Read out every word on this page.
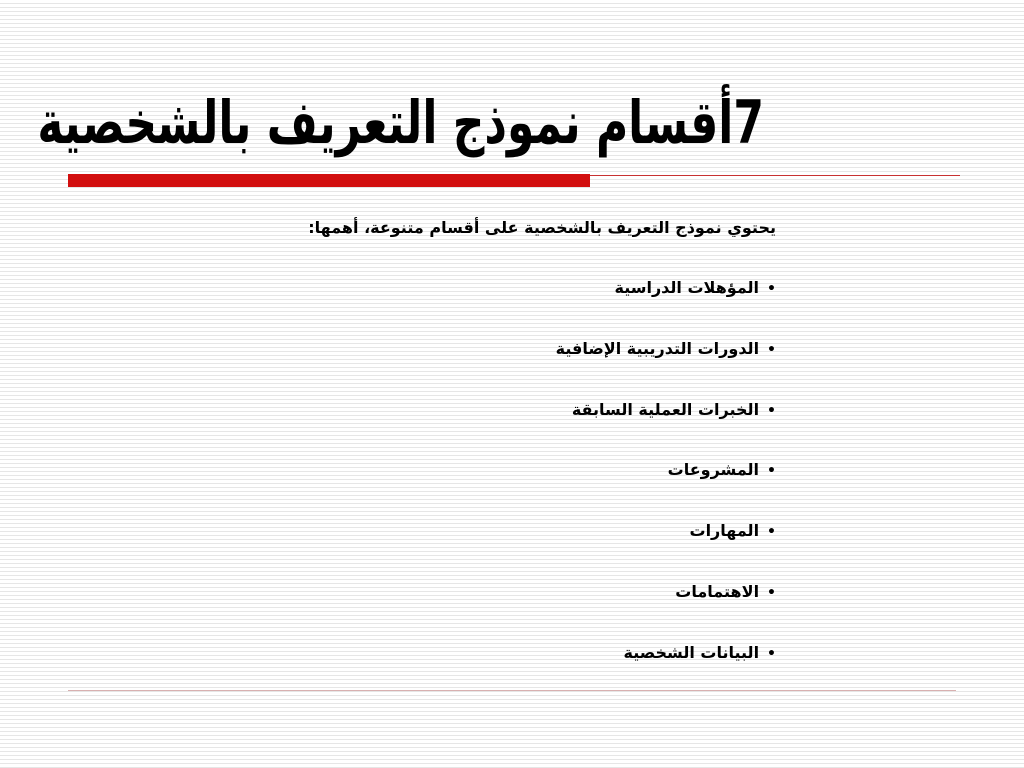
7أقسام نموذج التعريف بالشخصية
يحتوي نموذج التعريف بالشخصية على أقسام متنوعة، أهمها:
•المؤهلات الدراسية
•الدورات التدريبية الإضافية
•الخبرات العملية السابقة
•المشروعات
•المهارات
•الاهتمامات
•البيانات الشخصية
